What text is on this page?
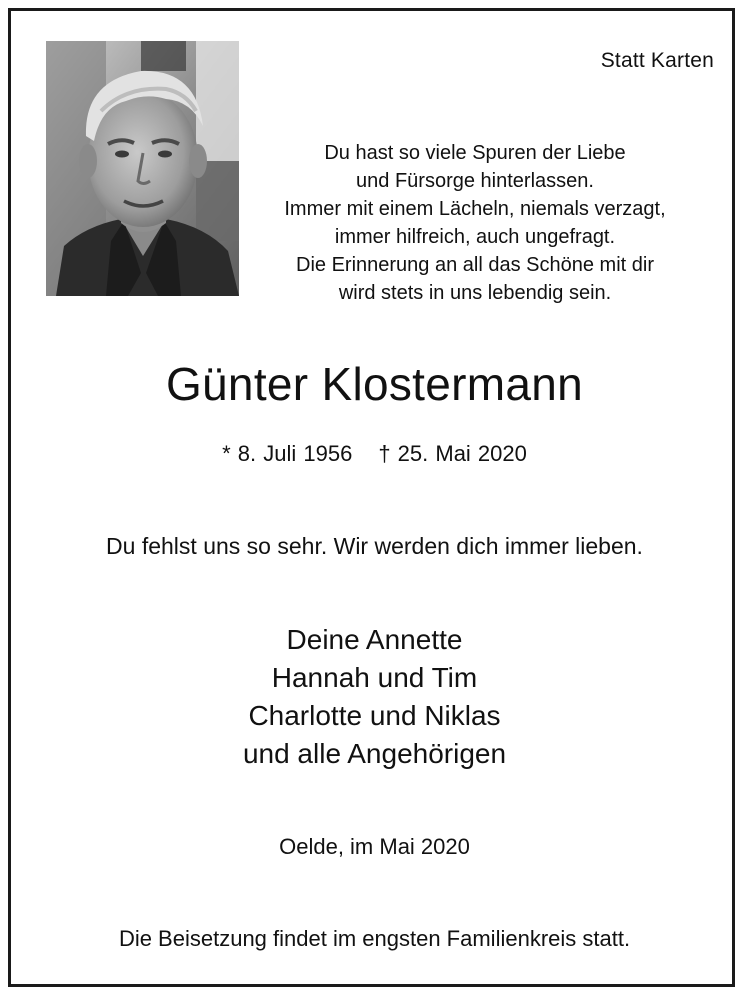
Statt Karten
Du hast so viele Spuren der Liebe
und Fürsorge hinterlassen.
Immer mit einem Lächeln, niemals verzagt,
immer hilfreich, auch ungefragt.
Die Erinnerung an all das Schöne mit dir
wird stets in uns lebendig sein.
Günter Klostermann
* 8. Juli 1956 † 25. Mai 2020
Du fehlst uns so sehr. Wir werden dich immer lieben.
Deine Annette
Hannah und Tim
Charlotte und Niklas
und alle Angehörigen
Oelde, im Mai 2020
Die Beisetzung findet im engsten Familienkreis statt.
